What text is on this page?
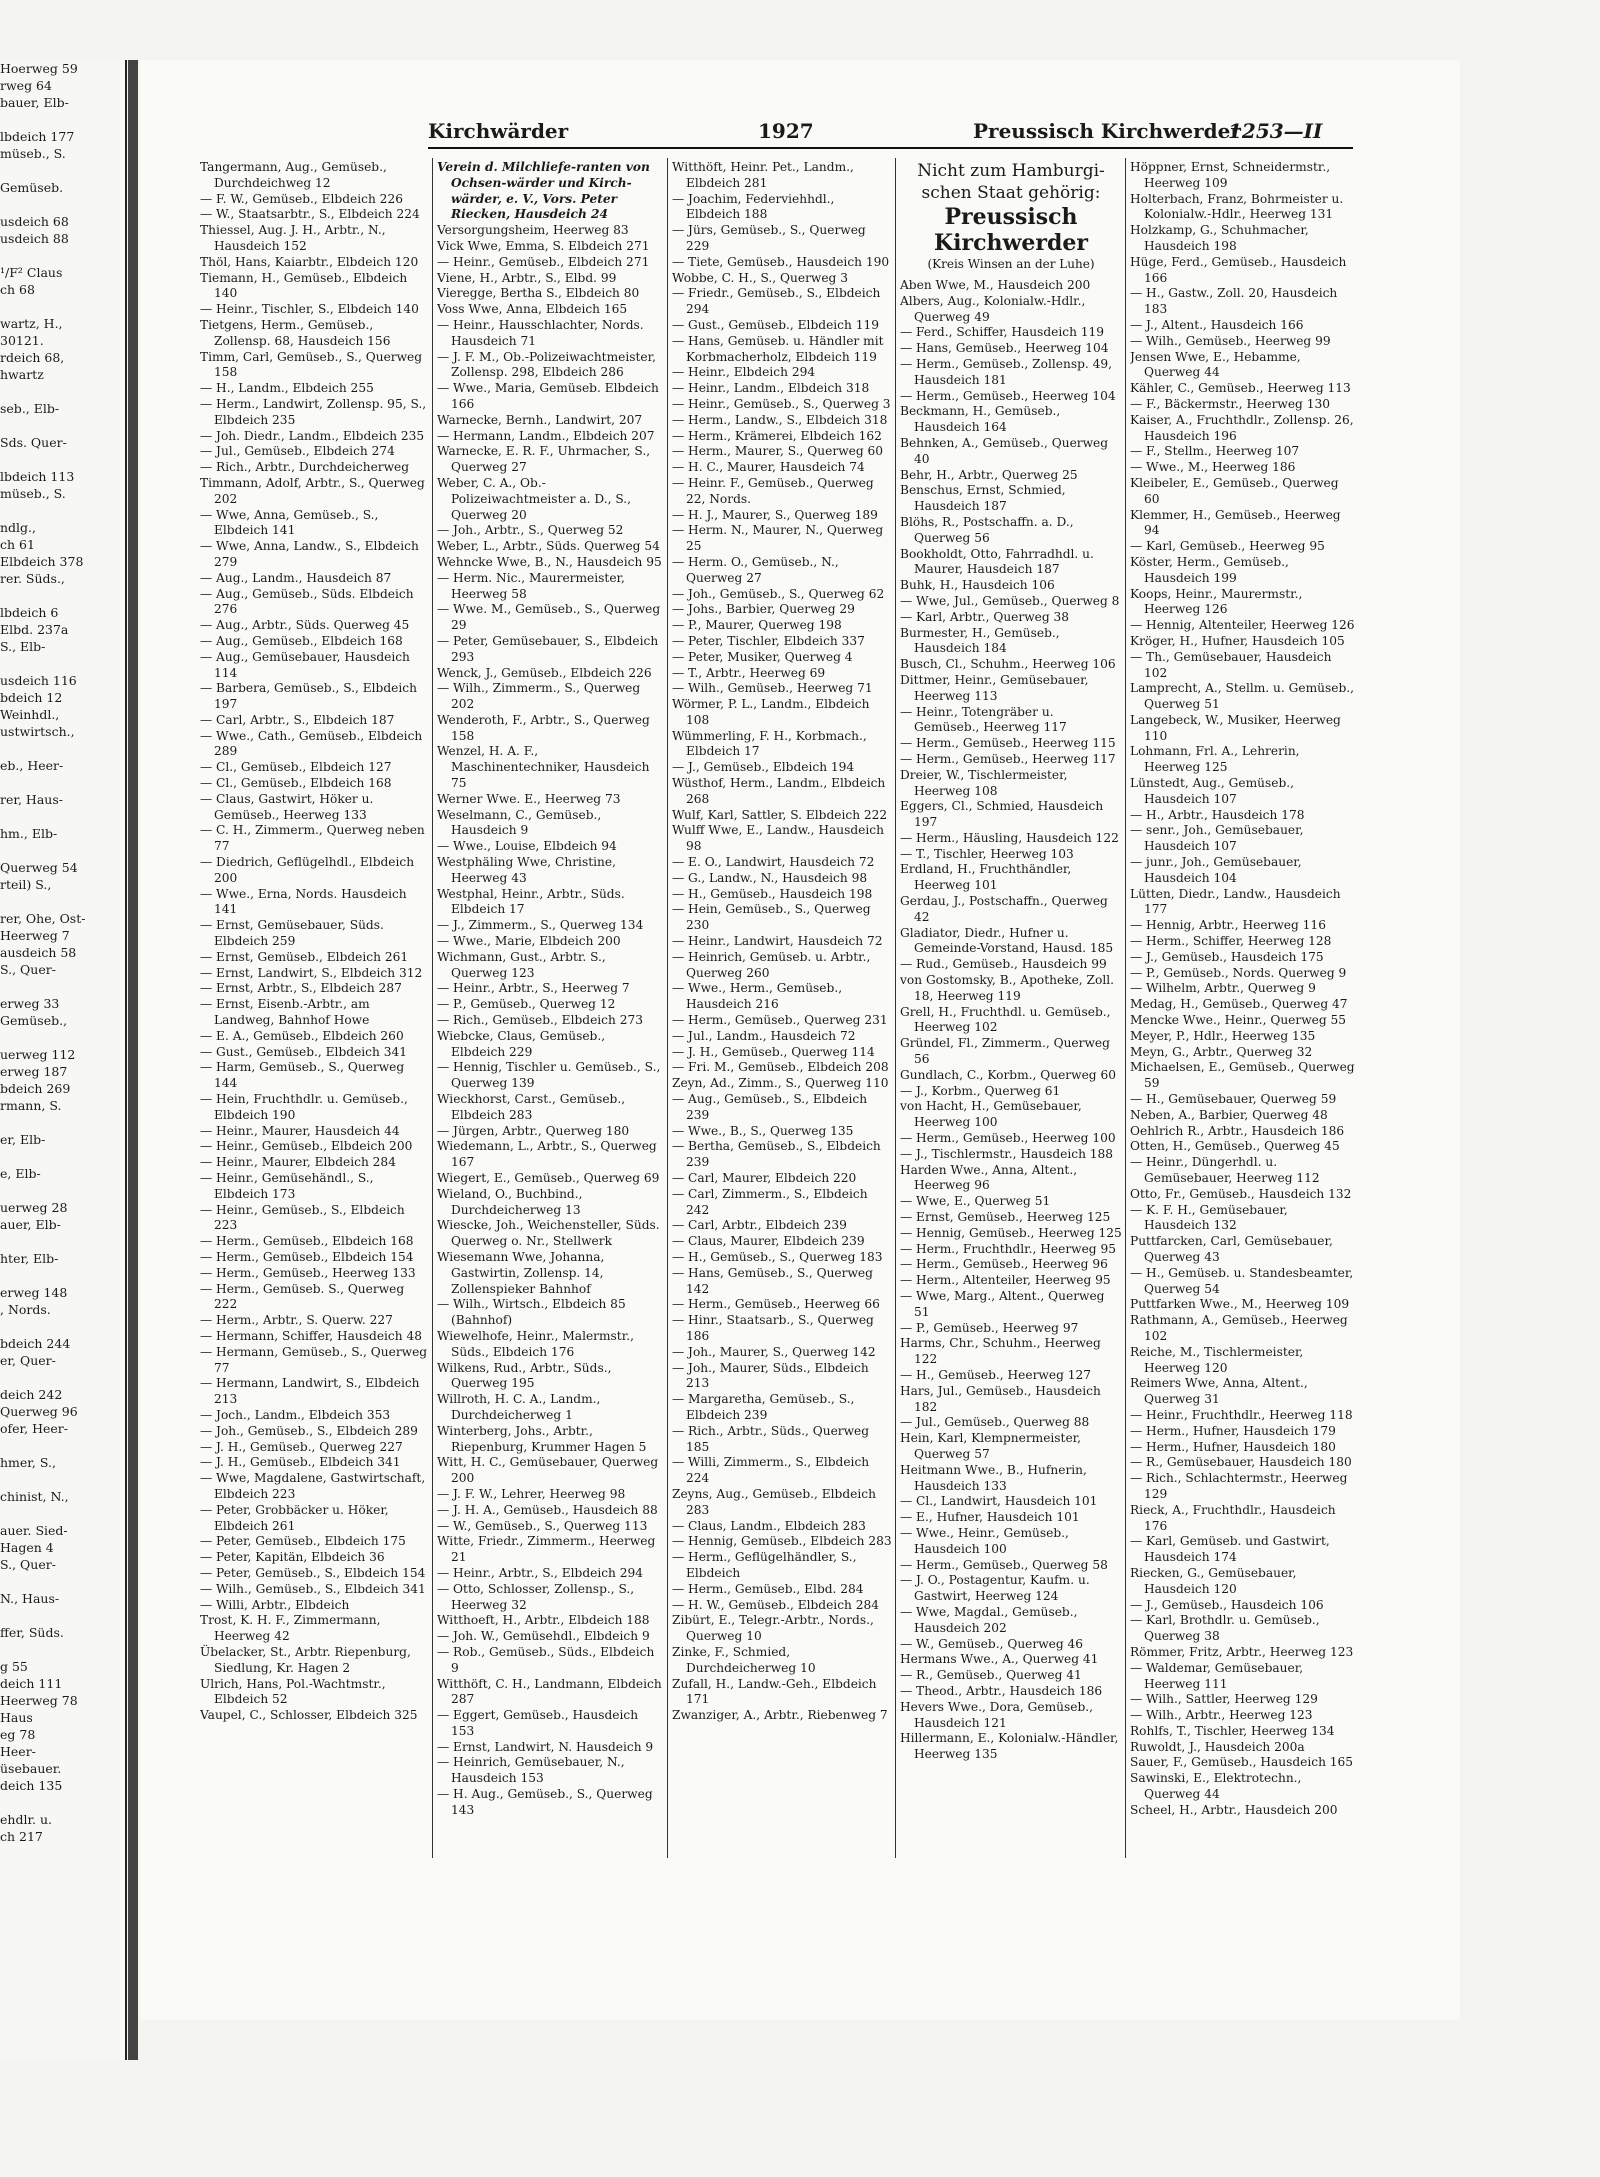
Hoerweg 59
rweg 64
bauer, Elb-

lbdeich 177
müseb., S.

Gemüseb.

usdeich 68
usdeich 88

¹/F² Claus
ch 68

wartz, H.,
30121.
rdeich 68,
hwartz

seb., Elb-

Sds. Quer-

lbdeich 113
müseb., S.

ndlg.,
ch 61
Elbdeich 378
rer. Süds.,

lbdeich 6
Elbd. 237a
S., Elb-

usdeich 116
bdeich 12
Weinhdl.,
ustwirtsch.,

eb., Heer-

rer, Haus-

hm., Elb-

Querweg 54
rteil) S.,

rer, Ohe, Ost-
Heerweg 7
ausdeich 58
S., Quer-

erweg 33
Gemüseb.,

uerweg 112
erweg 187
bdeich 269
rmann, S.

er, Elb-

e, Elb-

uerweg 28
auer, Elb-

hter, Elb-

erweg 148
, Nords.

bdeich 244
er, Quer-

deich 242
Querweg 96
ofer, Heer-

hmer, S.,

chinist, N.,

auer. Sied-
Hagen 4
S., Quer-

N., Haus-

ffer, Süds.

g 55
deich 111
Heerweg 78
Haus
eg 78
Heer-
üsebauer.
deich 135

ehdlr. u.
ch 217
Kirchwärder	1927	Preussisch Kirchwerder
1253—II
Tangermann, Aug., Gemüseb., Durchdeichweg 12
— F. W., Gemüseb., Elbdeich 226
— W., Staatsarbtr., S., Elbdeich 224
Thiessel, Aug. J. H., Arbtr., N., Hausdeich 152
Thöl, Hans, Kaiarbtr., Elbdeich 120
Tiemann, H., Gemüseb., Elbdeich 140
— Heinr., Tischler, S., Elbdeich 140
Tietgens, Herm., Gemüseb., Zollensp. 68, Hausdeich 156
Timm, Carl, Gemüseb., S., Querweg 158
— H., Landm., Elbdeich 255
— Herm., Landwirt, Zollensp. 95, S., Elbdeich 235
— Joh. Diedr., Landm., Elbdeich 235
— Jul., Gemüseb., Elbdeich 274
— Rich., Arbtr., Durchdeicherweg
Timmann, Adolf, Arbtr., S., Querweg 202
— Wwe, Anna, Gemüseb., S., Elbdeich 141
— Wwe, Anna, Landw., S., Elbdeich 279
— Aug., Landm., Hausdeich 87
— Aug., Gemüseb., Süds. Elbdeich 276
— Aug., Arbtr., Süds. Querweg 45
— Aug., Gemüseb., Elbdeich 168
— Aug., Gemüsebauer, Hausdeich 114
— Barbera, Gemüseb., S., Elbdeich 197
— Carl, Arbtr., S., Elbdeich 187
— Wwe., Cath., Gemüseb., Elbdeich 289
— Cl., Gemüseb., Elbdeich 127
— Cl., Gemüseb., Elbdeich 168
— Claus, Gastwirt, Höker u. Gemüseb., Heerweg 133
— C. H., Zimmerm., Querweg neben 77
— Diedrich, Geflügelhdl., Elbdeich 200
— Wwe., Erna, Nords. Hausdeich 141
— Ernst, Gemüsebauer, Süds. Elbdeich 259
— Ernst, Gemüseb., Elbdeich 261
— Ernst, Landwirt, S., Elbdeich 312
— Ernst, Arbtr., S., Elbdeich 287
— Ernst, Eisenb.-Arbtr., am Landweg, Bahnhof Howe
— E. A., Gemüseb., Elbdeich 260
— Gust., Gemüseb., Elbdeich 341
— Harm, Gemüseb., S., Querweg 144
— Hein, Fruchthdlr. u. Gemüseb., Elbdeich 190
— Heinr., Maurer, Hausdeich 44
— Heinr., Gemüseb., Elbdeich 200
— Heinr., Maurer, Elbdeich 284
— Heinr., Gemüsehändl., S., Elbdeich 173
— Heinr., Gemüseb., S., Elbdeich 223
— Herm., Gemüseb., Elbdeich 168
— Herm., Gemüseb., Elbdeich 154
— Herm., Gemüseb., Heerweg 133
— Herm., Gemüseb. S., Querweg 222
— Herm., Arbtr., S. Querw. 227
— Hermann, Schiffer, Hausdeich 48
— Hermann, Gemüseb., S., Querweg 77
— Hermann, Landwirt, S., Elbdeich 213
— Joch., Landm., Elbdeich 353
— Joh., Gemüseb., S., Elbdeich 289
— J. H., Gemüseb., Querweg 227
— J. H., Gemüseb., Elbdeich 341
— Wwe, Magdalene, Gastwirtschaft, Elbdeich 223
— Peter, Grobbäcker u. Höker, Elbdeich 261
— Peter, Gemüseb., Elbdeich 175
— Peter, Kapitän, Elbdeich 36
— Peter, Gemüseb., S., Elbdeich 154
— Wilh., Gemüseb., S., Elbdeich 341
— Willi, Arbtr., Elbdeich
Trost, K. H. F., Zimmermann, Heerweg 42
Übelacker, St., Arbtr. Riepenburg, Siedlung, Kr. Hagen 2
Ulrich, Hans, Pol.-Wachtmstr., Elbdeich 52
Vaupel, C., Schlosser, Elbdeich 325
Verein d. Milchliefe-ranten von Ochsen-wärder und Kirch-wärder, e. V., Vors. Peter Riecken, Hausdeich 24
Versorgungsheim, Heerweg 83
Vick Wwe, Emma, S. Elbdeich 271
— Heinr., Gemüseb., Elbdeich 271
Viene, H., Arbtr., S., Elbd. 99
Vieregge, Bertha S., Elbdeich 80
Voss Wwe, Anna, Elbdeich 165
— Heinr., Hausschlachter, Nords. Hausdeich 71
— J. F. M., Ob.-Polizeiwachtmeister, Zollensp. 298, Elbdeich 286
— Wwe., Maria, Gemüseb. Elbdeich 166
Warnecke, Bernh., Landwirt, 207
— Hermann, Landm., Elbdeich 207
Warnecke, E. R. F., Uhrmacher, S., Querweg 27
Weber, C. A., Ob.-Polizeiwachtmeister a. D., S., Querweg 20
— Joh., Arbtr., S., Querweg 52
Weber, L., Arbtr., Süds. Querweg 54
Wehncke Wwe, B., N., Hausdeich 95
— Herm. Nic., Maurermeister, Heerweg 58
— Wwe. M., Gemüseb., S., Querweg 29
— Peter, Gemüsebauer, S., Elbdeich 293
Wenck, J., Gemüseb., Elbdeich 226
— Wilh., Zimmerm., S., Querweg 202
Wenderoth, F., Arbtr., S., Querweg 158
Wenzel, H. A. F., Maschinentechniker, Hausdeich 75
Werner Wwe. E., Heerweg 73
Weselmann, C., Gemüseb., Hausdeich 9
— Wwe., Louise, Elbdeich 94
Westphäling Wwe, Christine, Heerweg 43
Westphal, Heinr., Arbtr., Süds. Elbdeich 17
— J., Zimmerm., S., Querweg 134
— Wwe., Marie, Elbdeich 200
Wichmann, Gust., Arbtr. S., Querweg 123
— Heinr., Arbtr., S., Heerweg 7
— P., Gemüseb., Querweg 12
— Rich., Gemüseb., Elbdeich 273
Wiebcke, Claus, Gemüseb., Elbdeich 229
— Hennig, Tischler u. Gemüseb., S., Querweg 139
Wieckhorst, Carst., Gemüseb., Elbdeich 283
— Jürgen, Arbtr., Querweg 180
Wiedemann, L., Arbtr., S., Querweg 167
Wiegert, E., Gemüseb., Querweg 69
Wieland, O., Buchbind., Durchdeicherweg 13
Wiescke, Joh., Weichensteller, Süds. Querweg o. Nr., Stellwerk
Wiesemann Wwe, Johanna, Gastwirtin, Zollensp. 14, Zollenspieker Bahnhof
— Wilh., Wirtsch., Elbdeich 85 (Bahnhof)
Wiewelhofe, Heinr., Malermstr., Süds., Elbdeich 176
Wilkens, Rud., Arbtr., Süds., Querweg 195
Willroth, H. C. A., Landm., Durchdeicherweg 1
Winterberg, Johs., Arbtr., Riepenburg, Krummer Hagen 5
Witt, H. C., Gemüsebauer, Querweg 200
— J. F. W., Lehrer, Heerweg 98
— J. H. A., Gemüseb., Hausdeich 88
— W., Gemüseb., S., Querweg 113
Witte, Friedr., Zimmerm., Heerweg 21
— Heinr., Arbtr., S., Elbdeich 294
— Otto, Schlosser, Zollensp., S., Heerweg 32
Witthoeft, H., Arbtr., Elbdeich 188
— Joh. W., Gemüsehdl., Elbdeich 9
— Rob., Gemüseb., Süds., Elbdeich 9
Witthöft, C. H., Landmann, Elbdeich 287
— Eggert, Gemüseb., Hausdeich 153
— Ernst, Landwirt, N. Hausdeich 9
— Heinrich, Gemüsebauer, N., Hausdeich 153
— H. Aug., Gemüseb., S., Querweg 143
Witthöft, Heinr. Pet., Landm., Elbdeich 281
— Joachim, Federviehhdl., Elbdeich 188
— Jürs, Gemüseb., S., Querweg 229
— Tiete, Gemüseb., Hausdeich 190
Wobbe, C. H., S., Querweg 3
— Friedr., Gemüseb., S., Elbdeich 294
— Gust., Gemüseb., Elbdeich 119
— Hans, Gemüseb. u. Händler mit Korbmacherholz, Elbdeich 119
— Heinr., Elbdeich 294
— Heinr., Landm., Elbdeich 318
— Heinr., Gemüseb., S., Querweg 3
— Herm., Landw., S., Elbdeich 318
— Herm., Krämerei, Elbdeich 162
— Herm., Maurer, S., Querweg 60
— H. C., Maurer, Hausdeich 74
— Heinr. F., Gemüseb., Querweg 22, Nords.
— H. J., Maurer, S., Querweg 189
— Herm. N., Maurer, N., Querweg 25
— Herm. O., Gemüseb., N., Querweg 27
— Joh., Gemüseb., S., Querweg 62
— Johs., Barbier, Querweg 29
— P., Maurer, Querweg 198
— Peter, Tischler, Elbdeich 337
— Peter, Musiker, Querweg 4
— T., Arbtr., Heerweg 69
— Wilh., Gemüseb., Heerweg 71
Wörmer, P. L., Landm., Elbdeich 108
Wümmerling, F. H., Korbmach., Elbdeich 17
— J., Gemüseb., Elbdeich 194
Wüsthof, Herm., Landm., Elbdeich 268
Wulf, Karl, Sattler, S. Elbdeich 222
Wulff Wwe, E., Landw., Hausdeich 98
— E. O., Landwirt, Hausdeich 72
— G., Landw., N., Hausdeich 98
— H., Gemüseb., Hausdeich 198
— Hein, Gemüseb., S., Querweg 230
— Heinr., Landwirt, Hausdeich 72
— Heinrich, Gemüseb. u. Arbtr., Querweg 260
— Wwe., Herm., Gemüseb., Hausdeich 216
— Herm., Gemüseb., Querweg 231
— Jul., Landm., Hausdeich 72
— J. H., Gemüseb., Querweg 114
— Fri. M., Gemüseb., Elbdeich 208
Zeyn, Ad., Zimm., S., Querweg 110
— Aug., Gemüseb., S., Elbdeich 239
— Wwe., B., S., Querweg 135
— Bertha, Gemüseb., S., Elbdeich 239
— Carl, Maurer, Elbdeich 220
— Carl, Zimmerm., S., Elbdeich 242
— Carl, Arbtr., Elbdeich 239
— Claus, Maurer, Elbdeich 239
— H., Gemüseb., S., Querweg 183
— Hans, Gemüseb., S., Querweg 142
— Herm., Gemüseb., Heerweg 66
— Hinr., Staatsarb., S., Querweg 186
— Joh., Maurer, S., Querweg 142
— Joh., Maurer, Süds., Elbdeich 213
— Margaretha, Gemüseb., S., Elbdeich 239
— Rich., Arbtr., Süds., Querweg 185
— Willi, Zimmerm., S., Elbdeich 224
Zeyns, Aug., Gemüseb., Elbdeich 283
— Claus, Landm., Elbdeich 283
— Hennig, Gemüseb., Elbdeich 283
— Herm., Geflügelhändler, S., Elbdeich
— Herm., Gemüseb., Elbd. 284
— H. W., Gemüseb., Elbdeich 284
Zibürt, E., Telegr.-Arbtr., Nords., Querweg 10
Zinke, F., Schmied, Durchdeicherweg 10
Zufall, H., Landw.-Geh., Elbdeich 171
Zwanziger, A., Arbtr., Riebenweg 7
Nicht zum Hamburgi-
schen Staat gehörig:
Preussisch
Kirchwerder
(Kreis Winsen an der Luhe)
Aben Wwe, M., Hausdeich 200
Albers, Aug., Kolonialw.-Hdlr., Querweg 49
— Ferd., Schiffer, Hausdeich 119
— Hans, Gemüseb., Heerweg 104
— Herm., Gemüseb., Zollensp. 49, Hausdeich 181
— Herm., Gemüseb., Heerweg 104
Beckmann, H., Gemüseb., Hausdeich 164
Behnken, A., Gemüseb., Querweg 40
Behr, H., Arbtr., Querweg 25
Benschus, Ernst, Schmied, Hausdeich 187
Blöhs, R., Postschaffn. a. D., Querweg 56
Bookholdt, Otto, Fahrradhdl. u. Maurer, Hausdeich 187
Buhk, H., Hausdeich 106
— Wwe, Jul., Gemüseb., Querweg 8
— Karl, Arbtr., Querweg 38
Burmester, H., Gemüseb., Hausdeich 184
Busch, Cl., Schuhm., Heerweg 106
Dittmer, Heinr., Gemüsebauer, Heerweg 113
— Heinr., Totengräber u. Gemüseb., Heerweg 117
— Herm., Gemüseb., Heerweg 115
— Herm., Gemüseb., Heerweg 117
Dreier, W., Tischlermeister, Heerweg 108
Eggers, Cl., Schmied, Hausdeich 197
— Herm., Häusling, Hausdeich 122
— T., Tischler, Heerweg 103
Erdland, H., Fruchthändler, Heerweg 101
Gerdau, J., Postschaffn., Querweg 42
Gladiator, Diedr., Hufner u. Gemeinde-Vorstand, Hausd. 185
— Rud., Gemüseb., Hausdeich 99
von Gostomsky, B., Apotheke, Zoll. 18, Heerweg 119
Grell, H., Fruchthdl. u. Gemüseb., Heerweg 102
Gründel, Fl., Zimmerm., Querweg 56
Gundlach, C., Korbm., Querweg 60
— J., Korbm., Querweg 61
von Hacht, H., Gemüsebauer, Heerweg 100
— Herm., Gemüseb., Heerweg 100
— J., Tischlermstr., Hausdeich 188
Harden Wwe., Anna, Altent., Heerweg 96
— Wwe, E., Querweg 51
— Ernst, Gemüseb., Heerweg 125
— Hennig, Gemüseb., Heerweg 125
— Herm., Fruchthdlr., Heerweg 95
— Herm., Gemüseb., Heerweg 96
— Herm., Altenteiler, Heerweg 95
— Wwe, Marg., Altent., Querweg 51
— P., Gemüseb., Heerweg 97
Harms, Chr., Schuhm., Heerweg 122
— H., Gemüseb., Heerweg 127
Hars, Jul., Gemüseb., Hausdeich 182
— Jul., Gemüseb., Querweg 88
Hein, Karl, Klempnermeister, Querweg 57
Heitmann Wwe., B., Hufnerin, Hausdeich 133
— Cl., Landwirt, Hausdeich 101
— E., Hufner, Hausdeich 101
— Wwe., Heinr., Gemüseb., Hausdeich 100
— Herm., Gemüseb., Querweg 58
— J. O., Postagentur, Kaufm. u. Gastwirt, Heerweg 124
— Wwe, Magdal., Gemüseb., Hausdeich 202
— W., Gemüseb., Querweg 46
Hermans Wwe., A., Querweg 41
— R., Gemüseb., Querweg 41
— Theod., Arbtr., Hausdeich 186
Hevers Wwe., Dora, Gemüseb., Hausdeich 121
Hillermann, E., Kolonialw.-Händler, Heerweg 135
Höppner, Ernst, Schneidermstr., Heerweg 109
Holterbach, Franz, Bohrmeister u. Kolonialw.-Hdlr., Heerweg 131
Holzkamp, G., Schuhmacher, Hausdeich 198
Hüge, Ferd., Gemüseb., Hausdeich 166
— H., Gastw., Zoll. 20, Hausdeich 183
— J., Altent., Hausdeich 166
— Wilh., Gemüseb., Heerweg 99
Jensen Wwe, E., Hebamme, Querweg 44
Kähler, C., Gemüseb., Heerweg 113
— F., Bäckermstr., Heerweg 130
Kaiser, A., Fruchthdlr., Zollensp. 26, Hausdeich 196
— F., Stellm., Heerweg 107
— Wwe., M., Heerweg 186
Kleibeler, E., Gemüseb., Querweg 60
Klemmer, H., Gemüseb., Heerweg 94
— Karl, Gemüseb., Heerweg 95
Köster, Herm., Gemüseb., Hausdeich 199
Koops, Heinr., Maurermstr., Heerweg 126
— Hennig, Altenteiler, Heerweg 126
Kröger, H., Hufner, Hausdeich 105
— Th., Gemüsebauer, Hausdeich 102
Lamprecht, A., Stellm. u. Gemüseb., Querweg 51
Langebeck, W., Musiker, Heerweg 110
Lohmann, Frl. A., Lehrerin, Heerweg 125
Lünstedt, Aug., Gemüseb., Hausdeich 107
— H., Arbtr., Hausdeich 178
— senr., Joh., Gemüsebauer, Hausdeich 107
— junr., Joh., Gemüsebauer, Hausdeich 104
Lütten, Diedr., Landw., Hausdeich 177
— Hennig, Arbtr., Heerweg 116
— Herm., Schiffer, Heerweg 128
— J., Gemüseb., Hausdeich 175
— P., Gemüseb., Nords. Querweg 9
— Wilhelm, Arbtr., Querweg 9
Medag, H., Gemüseb., Querweg 47
Mencke Wwe., Heinr., Querweg 55
Meyer, P., Hdlr., Heerweg 135
Meyn, G., Arbtr., Querweg 32
Michaelsen, E., Gemüseb., Querweg 59
— H., Gemüsebauer, Querweg 59
Neben, A., Barbier, Querweg 48
Oehlrich R., Arbtr., Hausdeich 186
Otten, H., Gemüseb., Querweg 45
— Heinr., Düngerhdl. u. Gemüsebauer, Heerweg 112
Otto, Fr., Gemüseb., Hausdeich 132
— K. F. H., Gemüsebauer, Hausdeich 132
Puttfarcken, Carl, Gemüsebauer, Querweg 43
— H., Gemüseb. u. Standesbeamter, Querweg 54
Puttfarken Wwe., M., Heerweg 109
Rathmann, A., Gemüseb., Heerweg 102
Reiche, M., Tischlermeister, Heerweg 120
Reimers Wwe, Anna, Altent., Querweg 31
— Heinr., Fruchthdlr., Heerweg 118
— Herm., Hufner, Hausdeich 179
— Herm., Hufner, Hausdeich 180
— R., Gemüsebauer, Hausdeich 180
— Rich., Schlachtermstr., Heerweg 129
Rieck, A., Fruchthdlr., Hausdeich 176
— Karl, Gemüseb. und Gastwirt, Hausdeich 174
Riecken, G., Gemüsebauer, Hausdeich 120
— J., Gemüseb., Hausdeich 106
— Karl, Brothdlr. u. Gemüseb., Querweg 38
Römmer, Fritz, Arbtr., Heerweg 123
— Waldemar, Gemüsebauer, Heerweg 111
— Wilh., Sattler, Heerweg 129
— Wilh., Arbtr., Heerweg 123
Rohlfs, T., Tischler, Heerweg 134
Ruwoldt, J., Hausdeich 200a
Sauer, F., Gemüseb., Hausdeich 165
Sawinski, E., Elektrotechn., Querweg 44
Scheel, H., Arbtr., Hausdeich 200
